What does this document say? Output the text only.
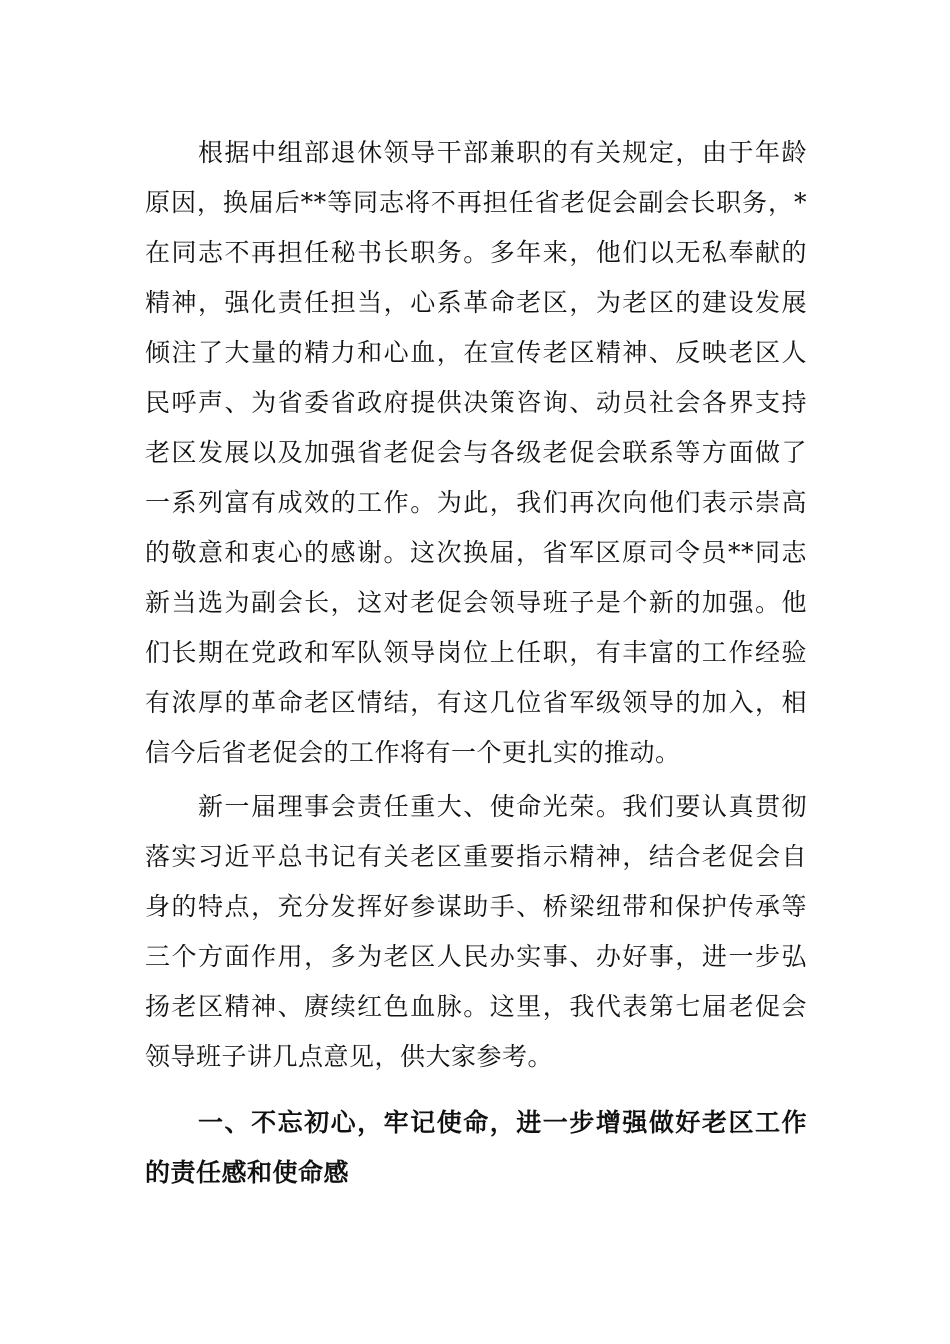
　　根据中组部退休领导干部兼职的有关规定，由于年龄
原因，换届后**等同志将不再担任省老促会副会长职务，*
在同志不再担任秘书长职务。多年来，他们以无私奉献的
精神，强化责任担当，心系革命老区，为老区的建设发展
倾注了大量的精力和心血，在宣传老区精神、反映老区人
民呼声、为省委省政府提供决策咨询、动员社会各界支持
老区发展以及加强省老促会与各级老促会联系等方面做了
一系列富有成效的工作。为此，我们再次向他们表示崇高
的敬意和衷心的感谢。这次换届，省军区原司令员**同志
新当选为副会长，这对老促会领导班子是个新的加强。他
们长期在党政和军队领导岗位上任职，有丰富的工作经验
有浓厚的革命老区情结，有这几位省军级领导的加入，相
信今后省老促会的工作将有一个更扎实的推动。
　　新一届理事会责任重大、使命光荣。我们要认真贯彻
落实习近平总书记有关老区重要指示精神，结合老促会自
身的特点，充分发挥好参谋助手、桥梁纽带和保护传承等
三个方面作用，多为老区人民办实事、办好事，进一步弘
扬老区精神、赓续红色血脉。这里，我代表第七届老促会
领导班子讲几点意见，供大家参考。
　　一、不忘初心，牢记使命，进一步增强做好老区工作
的责任感和使命感
